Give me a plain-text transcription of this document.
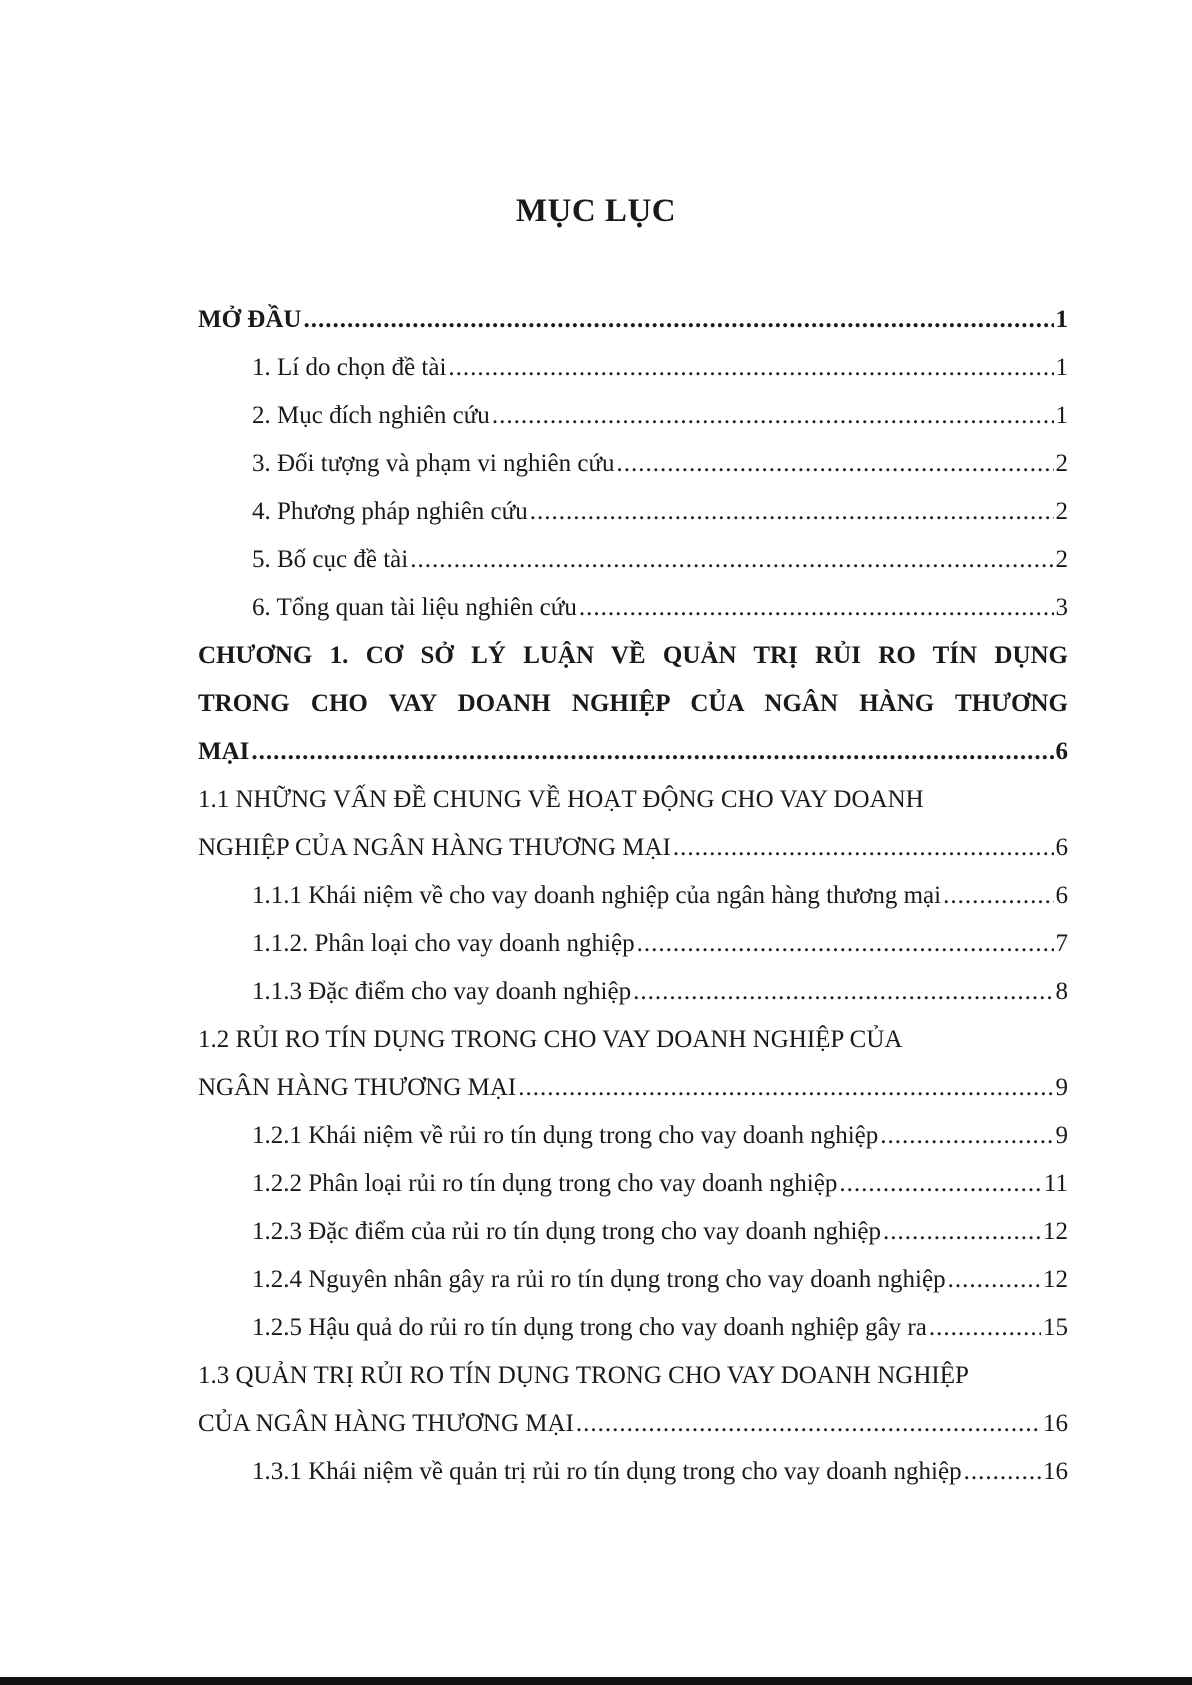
MỤC LỤC
MỞ ĐẦU .....	1
1. Lí do chọn đề tài .....	1
2. Mục đích nghiên cứu .....	1
3. Đối tượng và phạm vi nghiên cứu .....	2
4. Phương pháp nghiên cứu .....	2
5. Bố cục đề tài .....	2
6. Tổng quan tài liệu nghiên cứu .....	3
CHƯƠNG 1. CƠ SỞ LÝ LUẬN VỀ QUẢN TRỊ RỦI RO TÍN DỤNG
TRONG CHO VAY DOANH NGHIỆP CỦA NGÂN HÀNG THƯƠNG
MẠI .....	6
1.1 NHỮNG VẤN ĐỀ CHUNG VỀ HOẠT ĐỘNG CHO VAY DOANH
NGHIỆP CỦA NGÂN HÀNG THƯƠNG MẠI .....	6
1.1.1 Khái niệm về cho vay doanh nghiệp của ngân hàng thương mại .....	6
1.1.2. Phân loại cho vay doanh nghiệp .....	7
1.1.3 Đặc điểm cho vay doanh nghiệp .....	8
1.2 RỦI RO TÍN DỤNG TRONG CHO VAY DOANH NGHIỆP CỦA
NGÂN HÀNG THƯƠNG MẠI .....	9
1.2.1 Khái niệm về rủi ro tín dụng trong cho vay doanh nghiệp .....	9
1.2.2 Phân loại rủi ro tín dụng trong cho vay doanh nghiệp .....	11
1.2.3 Đặc điểm của rủi ro tín dụng trong cho vay doanh nghiệp .....	12
1.2.4 Nguyên nhân gây ra rủi ro tín dụng trong cho vay doanh nghiệp .....	12
1.2.5 Hậu quả do rủi ro tín dụng trong cho vay doanh nghiệp gây ra .....	15
1.3 QUẢN TRỊ RỦI RO TÍN DỤNG TRONG CHO VAY DOANH NGHIỆP
CỦA NGÂN HÀNG THƯƠNG MẠI .....	16
1.3.1 Khái niệm về quản trị rủi ro tín dụng trong cho vay doanh nghiệp .....	16
